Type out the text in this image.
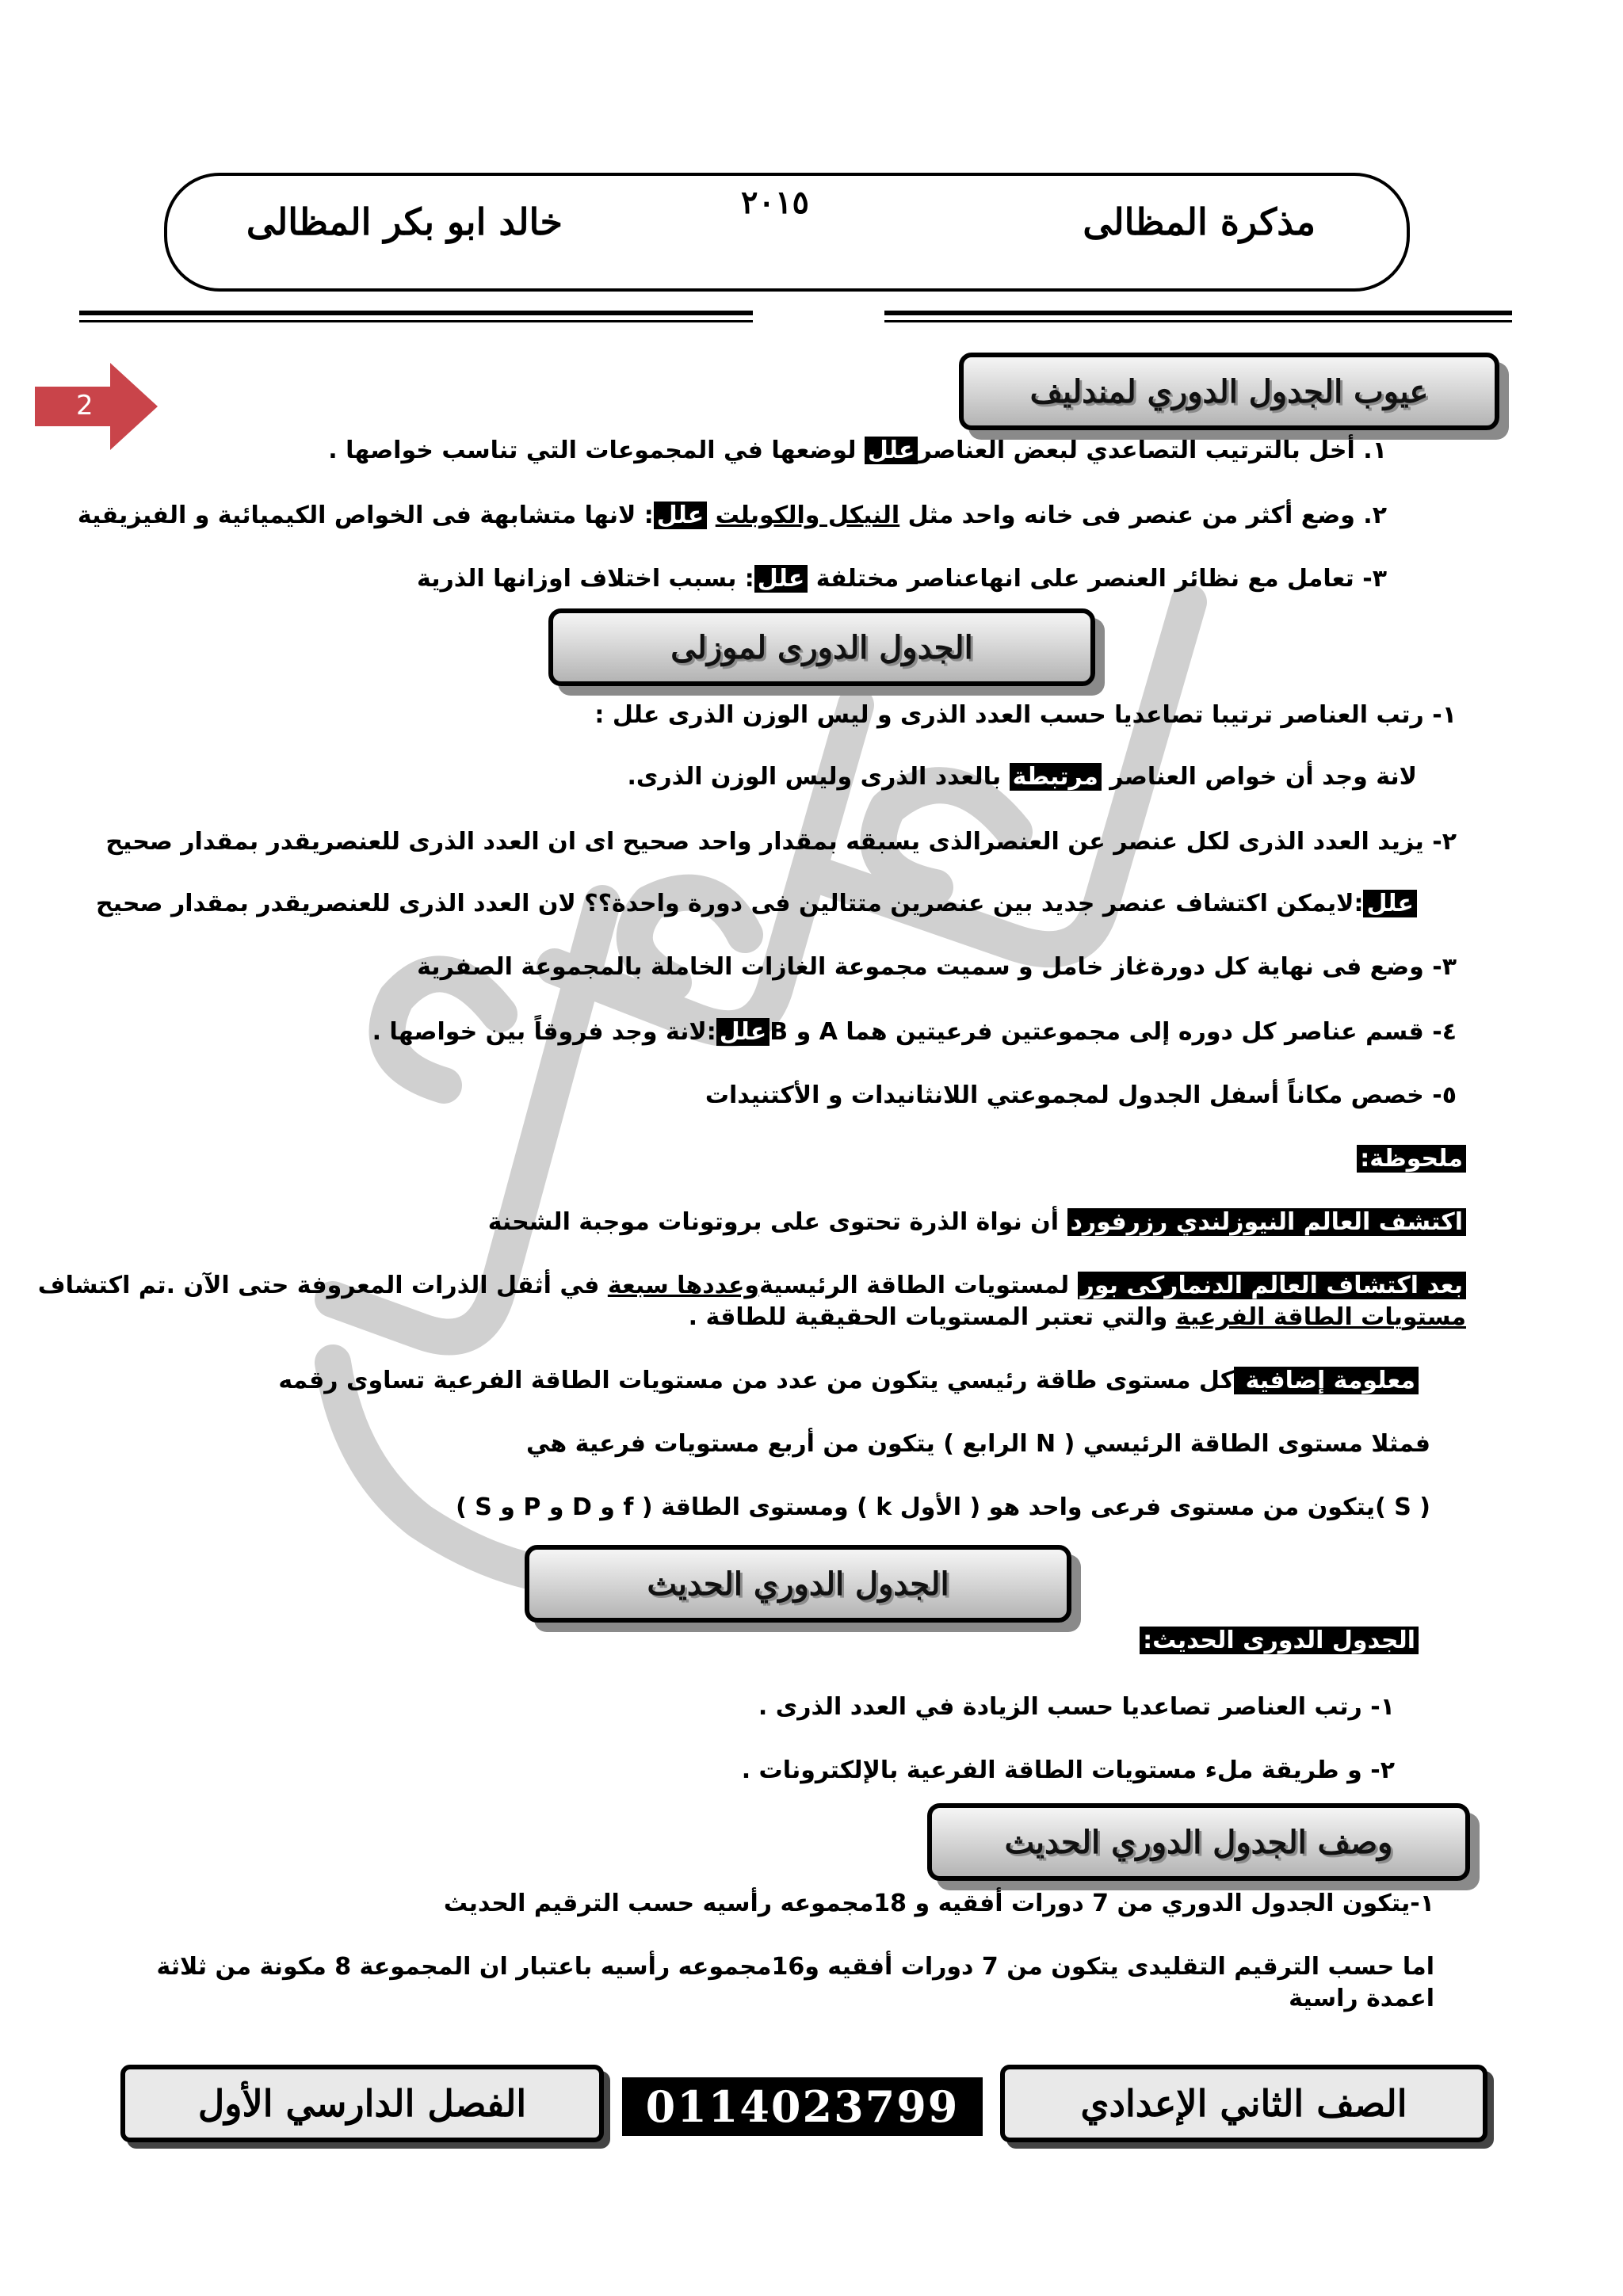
مذكرة المظالى
٢٠١٥
خالد ابو بكر المظالى
2	عيوب الجدول الدوري لمندليف
١. أخل بالترتيب التصاعدي لبعض العناصرعلل لوضعها في المجموعات التي تناسب خواصها .
٢. وضع أكثر من عنصر فى خانه واحد مثل النيكل والكوبلت علل: لانها متشابهة فى الخواص الكيميائية و الفيزيقية
٣- تعامل مع نظائر العنصر على انهاعناصر مختلفة علل: بسبب اختلاف اوزانها الذرية
الجدول الدورى لموزلى
١- رتب العناصر ترتيبا تصاعديا حسب العدد الذرى و ليس الوزن الذرى علل :
لانة وجد أن خواص العناصر مرتبطة بالعدد الذرى وليس الوزن الذرى.
٢- يزيد العدد الذرى لكل عنصر عن العنصرالذى يسبقه بمقدار واحد صحيح اى ان العدد الذرى للعنصريقدر بمقدار صحيح
علل:لايمكن اكتشاف عنصر جديد بين عنصرين متتالين فى دورة واحدة؟؟ لان العدد الذرى للعنصريقدر بمقدار صحيح
٣- وضع فى نهاية كل دورةغاز خامل و سميت مجموعة الغازات الخاملة بالمجموعة الصفرية
٤- قسم عناصر كل دوره إلى مجموعتين فرعيتين هما A و Bعلل:لانة وجد فروقاً بين خواصها .
٥- خصص مكاناً أسفل الجدول لمجموعتي اللانثانيدات و الأكتنيدات
ملحوظة:
اكتشف العالم النيوزلندي رزرفورد أن نواة الذرة تحتوى على بروتونات موجبة الشحنة
بعد اكتشاف العالم الدنماركى بور لمستويات الطاقة الرئيسيةوعددها سبعة في أثقل الذرات المعروفة حتى الآن .تم اكتشاف
مستويات الطاقة الفرعية والتي تعتبر المستويات الحقيقية للطاقة .
معلومة إضافية كل مستوى طاقة رئيسي يتكون من عدد من مستويات الطاقة الفرعية تساوى رقمه
فمثلا مستوى الطاقة الرئيسي ( N الرابع ) يتكون من أربع مستويات فرعية هي
( S و P و D و f ) ومستوى الطاقة ( k الأول ) يتكون من مستوى فرعى واحد هو( S )
الجدول الدوري الحديث
الجدول الدورى الحديث:
١- رتب العناصر تصاعديا حسب الزيادة في العدد الذرى .
٢- و طريقة ملء مستويات الطاقة الفرعية بالإلكترونات .
وصف الجدول الدوري الحديث
١-يتكون الجدول الدوري من 7 دورات أفقيه و 18مجموعه رأسيه حسب الترقيم الحديث
اما حسب الترقيم التقليدى يتكون من 7 دورات أفقيه و16مجموعه رأسيه باعتبار ان المجموعة 8 مكونة من ثلاثة
اعمدة راسية
الصف الثاني الإعدادي
0114023799
الفصل الدارسي الأول
